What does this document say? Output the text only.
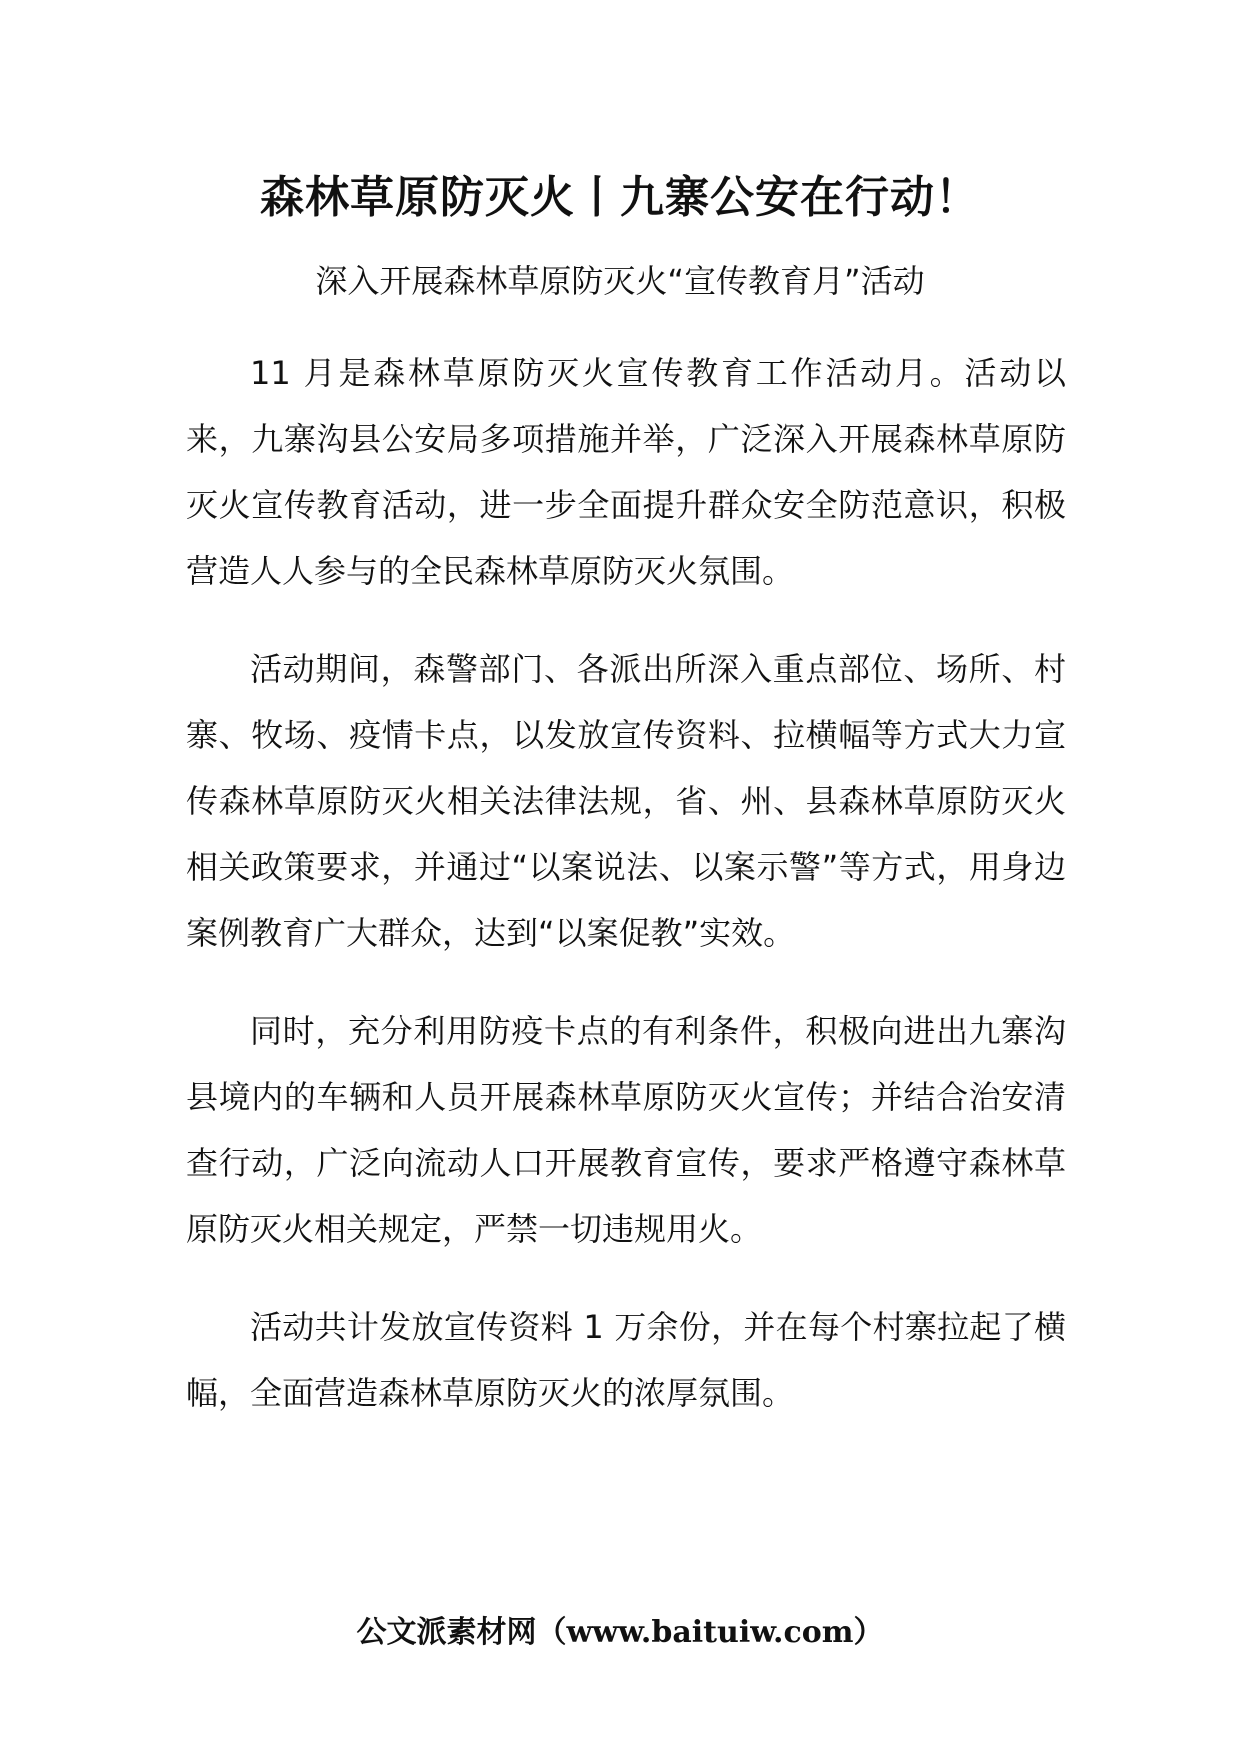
森林草原防灭火丨九寨公安在行动！

深入开展森林草原防灭火“宣传教育月”活动

11 月是森林草原防灭火宣传教育工作活动月。活动以来，九寨沟县公安局多项措施并举，广泛深入开展森林草原防灭火宣传教育活动，进一步全面提升群众安全防范意识，积极营造人人参与的全民森林草原防灭火氛围。

活动期间，森警部门、各派出所深入重点部位、场所、村寨、牧场、疫情卡点，以发放宣传资料、拉横幅等方式大力宣传森林草原防灭火相关法律法规，省、州、县森林草原防灭火相关政策要求，并通过“以案说法、以案示警”等方式，用身边案例教育广大群众，达到“以案促教”实效。

同时，充分利用防疫卡点的有利条件，积极向进出九寨沟县境内的车辆和人员开展森林草原防灭火宣传；并结合治安清查行动，广泛向流动人口开展教育宣传，要求严格遵守森林草原防灭火相关规定，严禁一切违规用火。

活动共计发放宣传资料 1 万余份，并在每个村寨拉起了横幅，全面营造森林草原防灭火的浓厚氛围。

公文派素材网（www.baituiw.com）
